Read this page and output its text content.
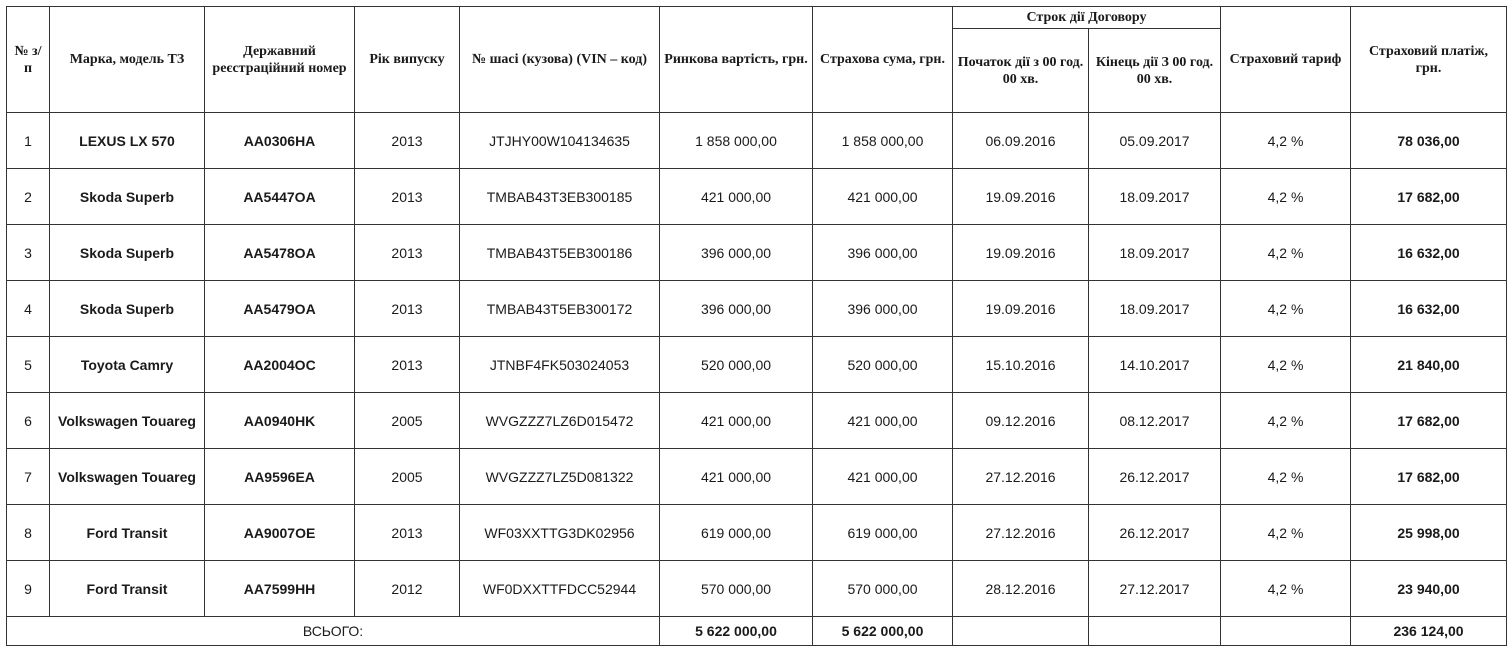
№ з/п	Марка, модель ТЗ	Державний реєстраційний номер	Рік випуску	№ шасі (кузова) (VIN – код)	Ринкова вартість, грн.	Страхова сума, грн.	Строк дії Договору		Страховий тариф	Страховий платіж, грн.
							Початок дії з 00 год. 00 хв.	Кінець дії З 00 год. 00 хв.		
1	LEXUS LX 570	AA0306HA	2013	JTJHY00W104134635	1 858 000,00	1 858 000,00	06.09.2016	05.09.2017	4,2 %	78 036,00
2	Skoda Superb	AA5447OA	2013	TMBAB43T3EB300185	421 000,00	421 000,00	19.09.2016	18.09.2017	4,2 %	17 682,00
3	Skoda Superb	AA5478OA	2013	TMBAB43T5EB300186	396 000,00	396 000,00	19.09.2016	18.09.2017	4,2 %	16 632,00
4	Skoda Superb	AA5479OA	2013	TMBAB43T5EB300172	396 000,00	396 000,00	19.09.2016	18.09.2017	4,2 %	16 632,00
5	Toyota Camry	AA2004OC	2013	JTNBF4FK503024053	520 000,00	520 000,00	15.10.2016	14.10.2017	4,2 %	21 840,00
6	Volkswagen Touareg	AA0940HK	2005	WVGZZZ7LZ6D015472	421 000,00	421 000,00	09.12.2016	08.12.2017	4,2 %	17 682,00
7	Volkswagen Touareg	AA9596EA	2005	WVGZZZ7LZ5D081322	421 000,00	421 000,00	27.12.2016	26.12.2017	4,2 %	17 682,00
8	Ford Transit	AA9007OE	2013	WF03XXTTG3DK02956	619 000,00	619 000,00	27.12.2016	26.12.2017	4,2 %	25 998,00
9	Ford Transit	AA7599HH	2012	WF0DXXTTFDCC52944	570 000,00	570 000,00	28.12.2016	27.12.2017	4,2 %	23 940,00
ВСЬОГО:					5 622 000,00	5 622 000,00				236 124,00
